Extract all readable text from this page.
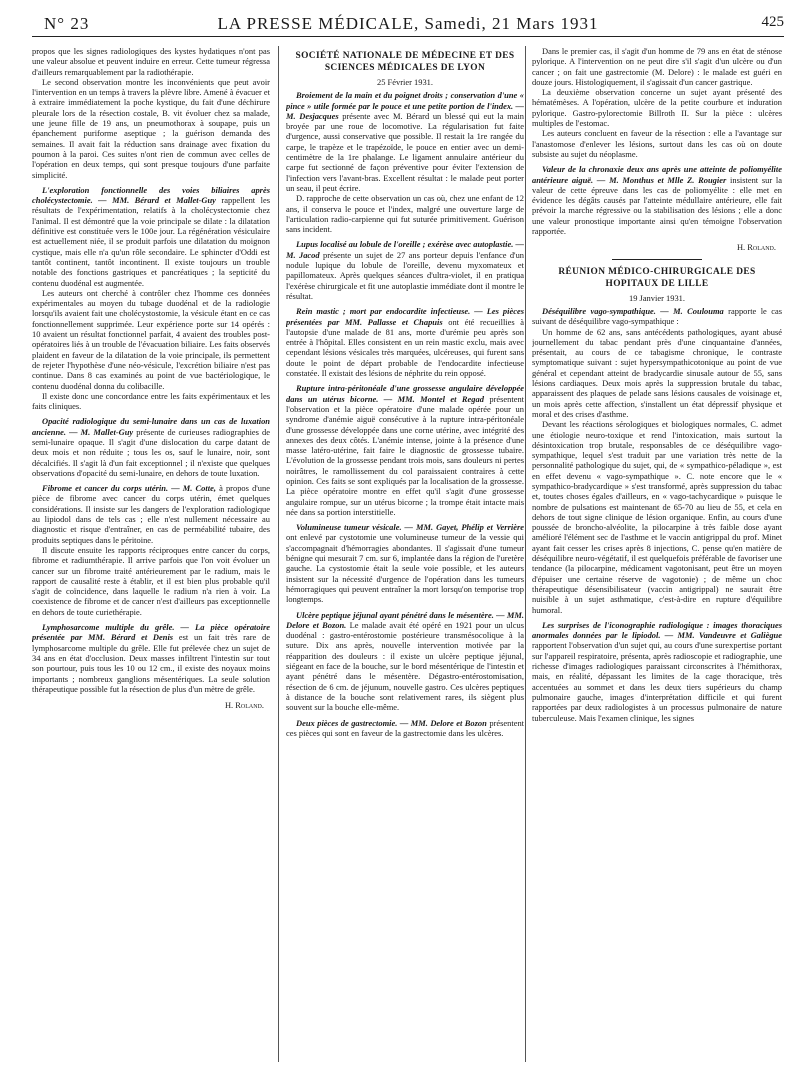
N° 23	LA PRESSE MÉDICALE, Samedi, 21 Mars 1931	425

propos que les signes radiologiques des kystes hydatiques n'ont pas une valeur absolue et peuvent induire en erreur. Cette tumeur régressa d'ailleurs remarquablement par la radiothérapie.

Le second observation montre les inconvénients que peut avoir l'intervention en un temps à travers la plèvre libre. Amené à évacuer et à extraire immédiatement la poche kystique, du fait d'une déchirure pleurale lors de la résection costale, B. vit évoluer chez sa malade, une jeune fille de 19 ans, un pneumothorax à soupape, puis un épanchement puriforme aseptique ; la guérison demanda des semaines. Il avait fait la réduction sans drainage avec fixation du poumon à la paroi. Ces suites n'ont rien de commun avec celles de l'opération en deux temps, qui sont presque toujours d'une parfaite simplicité.

L'exploration fonctionnelle des voies biliaires après cholécystectomie. — MM. Bérard et Mallet-Guy rappellent les résultats de l'expérimentation, relatifs à la cholécystectomie chez l'animal. Il est démontré que la voie principale se dilate : la dilatation définitive est constituée vers le 100e jour. La régénération vésiculaire est actuellement niée, il se produit parfois une dilatation du moignon cystique, mais elle n'a qu'un rôle secondaire. Le sphincter d'Oddi est tantôt continent, tantôt incontinent. Il existe toujours un trouble notable des fonctions gastriques et pancréatiques ; la septicité du contenu duodénal est augmentée.

Les auteurs ont cherché à contrôler chez l'homme ces données expérimentales au moyen du tubage duodénal et de la radiologie lorsqu'ils avaient fait une cholécystostomie, la vésicule étant en ce cas fonctionnellement supprimée. Leur expérience porte sur 14 opérés : 10 avaient un résultat fonctionnel parfait, 4 avaient des troubles post-opératoires liés à un trouble de l'évacuation biliaire. Les faits observés plaident en faveur de la dilatation de la voie principale, ils permettent de rejeter l'hypothèse d'une néo-vésicule, l'excrétion biliaire n'est pas continue. Dans 8 cas examinés au point de vue bactériologique, le contenu duodénal donna du colibacille.

Il existe donc une concordance entre les faits expérimentaux et les faits cliniques.

Opacité radiologique du semi-lunaire dans un cas de luxation ancienne. — M. Mallet-Guy présente de curieuses radiographies de semi-lunaire opaque. Il s'agit d'une dislocation du carpe datant de deux mois et non réduite ; tous les os, sauf le lunaire, noir, sont décalcifiés. Il s'agit là d'un fait exceptionnel ; il n'existe que quelques observations d'opacité du semi-lunaire, en dehors de toute luxation.

Fibrome et cancer du corps utérin. — M. Cotte, à propos d'une pièce de fibrome avec cancer du corps utérin, émet quelques considérations. Il insiste sur les dangers de l'exploration radiologique au lipiodol dans de tels cas ; elle n'est nullement nécessaire au diagnostic et risque d'entraîner, en cas de perméabilité tubaire, des produits septiques dans le péritoine.

Il discute ensuite les rapports réciproques entre cancer du corps, fibrome et radiumthérapie. Il arrive parfois que l'on voit évoluer un cancer sur un fibrome traité antérieurement par le radium, mais le rapport de causalité reste à établir, et il est bien plus probable qu'il s'agit de coïncidence, dans laquelle le radium n'a rien à voir. La coexistence de fibrome et de cancer n'est d'ailleurs pas exceptionnelle en dehors de toute curiethérapie.

Lymphosarcome multiple du grêle. — La pièce opératoire présentée par MM. Bérard et Denis est un fait très rare de lymphosarcome multiple du grêle. Elle fut prélevée chez un sujet de 34 ans en état d'occlusion. Deux masses infiltrent l'intestin sur tout son pourtour, puis tous les 10 ou 12 cm., il existe des noyaux moins importants ; nombreux ganglions mésentériques. La seule solution thérapeutique possible fut la résection de plus d'un mètre de grêle.

H. Roland.

SOCIÉTÉ NATIONALE DE MÉDECINE ET DES SCIENCES MÉDICALES DE LYON

25 Février 1931.

Broiement de la main et du poignet droits ; conservation d'une « pince » utile formée par le pouce et une petite portion de l'index. — M. Desjacques présente avec M. Bérard un blessé qui eut la main broyée par une roue de locomotive. La régularisation fut faite d'urgence, aussi conservative que possible. Il restait la 1re rangée du carpe, le trapèze et le trapézoïde, le pouce en entier avec un demi-centimètre de la 1re phalange. Le ligament annulaire antérieur du carpe fut sectionné de façon préventive pour éviter l'extension de l'infection vers l'avant-bras. Excellent résultat : le malade peut porter un seau, il peut écrire.

D. rapproche de cette observation un cas où, chez une enfant de 12 ans, il conserva le pouce et l'index, malgré une ouverture large de l'articulation radio-carpienne qui fut suturée primitivement. Guérison sans incident.

Lupus localisé au lobule de l'oreille ; exérèse avec autoplastie. — M. Jacod présente un sujet de 27 ans porteur depuis l'enfance d'un nodule lupique du lobule de l'oreille, devenu myxomateux et papillomateux. Après quelques séances d'ultra-violet, il en pratiqua l'exérèse chirurgicale et fit une autoplastie immédiate dont il montre le résultat.

Rein mastic ; mort par endocardite infectieuse. — Les pièces présentées par MM. Pallasse et Chapuis ont été recueillies à l'autopsie d'une malade de 81 ans, morte d'urémie peu après son entrée à l'hôpital. Elles consistent en un rein mastic exclu, mais avec cependant lésions vésicales très marquées, ulcéreuses, qui furent sans doute le point de départ probable de l'endocardite infectieuse constatée. Il existait des lésions de néphrite du rein opposé.

Rupture intra-péritonéale d'une grossesse angulaire développée dans un utérus bicorne. — MM. Montel et Regad présentent l'observation et la pièce opératoire d'une malade opérée pour un syndrome d'anémie aiguë consécutive à la rupture intra-péritonéale d'une grossesse développée dans une corne utérine, avec intégrité des annexes des deux côtés. L'anémie intense, jointe à la présence d'une masse latéro-utérine, fait faire le diagnostic de grossesse tubaire. L'évolution de la grossesse pendant trois mois, sans douleurs ni pertes noirâtres, le ramollissement du col paraissaient contraires à cette opinion. Ces faits se sont expliqués par la localisation de la grossesse. La pièce opératoire montre en effet qu'il s'agit d'une grossesse angulaire rompue, sur un utérus bicorne ; la trompe était intacte mais née dans sa portion interstitielle.

Volumineuse tumeur vésicale. — MM. Gayet, Phélip et Verrière ont enlevé par cystotomie une volumineuse tumeur de la vessie qui s'accompagnait d'hémorragies abondantes. Il s'agissait d'une tumeur bénigne qui mesurait 7 cm. sur 6, implantée dans la région de l'uretère gauche. La cystostomie était la seule voie possible, et les auteurs insistent sur la nécessité d'urgence de l'opération dans les tumeurs hémorragiques qui peuvent entraîner la mort lorsqu'on temporise trop longtemps.

Ulcère peptique jéjunal ayant pénétré dans le mésentère. — MM. Delore et Bozon. Le malade avait été opéré en 1921 pour un ulcus duodénal : gastro-entérostomie postérieure transmésocolique à la suture. Dix ans après, nouvelle intervention motivée par la réapparition des douleurs : il existe un ulcère peptique jéjunal, siégeant en face de la bouche, sur le bord mésentérique de l'intestin et ayant pénétré dans le mésentère. Dégastro-entérostomisation, résection de 6 cm. de jéjunum, nouvelle gastro. Ces ulcères peptiques à distance de la bouche sont relativement rares, ils siègent plus souvent sur la bouche elle-même.

Deux pièces de gastrectomie. — MM. Delore et Bozon présentent ces pièces qui sont en faveur de la gastrectomie dans les ulcères.

Dans le premier cas, il s'agit d'un homme de 79 ans en état de sténose pylorique. A l'intervention on ne peut dire s'il s'agit d'un ulcère ou d'un cancer ; on fait une gastrectomie (M. Delore) : le malade est guéri en douze jours. Histologiquement, il s'agissait d'un cancer gastrique.

La deuxième observation concerne un sujet ayant présenté des hématémèses. A l'opération, ulcère de la petite courbure et induration pylorique. Gastro-pylorectomie Billroth II. Sur la pièce : ulcères multiples de l'estomac.

Les auteurs concluent en faveur de la résection : elle a l'avantage sur l'anastomose d'enlever les lésions, surtout dans les cas où on doute subsiste au sujet du néoplasme.

Valeur de la chronaxie deux ans après une atteinte de poliomyélite antérieure aiguë. — M. Monthus et Mlle Z. Rougier insistent sur la valeur de cette épreuve dans les cas de poliomyélite : elle met en évidence les dégâts causés par l'atteinte médullaire antérieure, elle fait prévoir la marche régressive ou la stabilisation des lésions ; elle a donc une valeur pronostique importante ainsi qu'en témoigne l'observation rapportée.

H. Roland.

RÉUNION MÉDICO-CHIRURGICALE DES HOPITAUX DE LILLE

19 Janvier 1931.

Déséquilibre vago-sympathique. — M. Coulouma rapporte le cas suivant de déséquilibre vago-sympathique :

Un homme de 62 ans, sans antécédents pathologiques, ayant abusé journellement du tabac pendant près d'une cinquantaine d'années, présentait, au cours de ce tabagisme chronique, le contraste symptomatique suivant : sujet hypersympathicotonique au point de vue général et cependant atteint de bradycardie sinusale autour de 55, sans lésions cardiaques. Deux mois après la suppression brutale du tabac, apparaissent des plaques de pelade sans lésions causales de voisinage et, un mois après cette affection, s'installent un état dépressif physique et moral et des crises d'asthme.

Devant les réactions sérologiques et biologiques normales, C. admet une étiologie neuro-toxique et rend l'intoxication, mais surtout la désintoxication trop brutale, responsables de ce déséquilibre vago-sympathique, lequel s'est traduit par une variation très nette de la personnalité pathologique du sujet, qui, de « sympathico-péladique », est en effet devenu « vago-sympathique ». C. note encore que le « sympathico-bradycardique » s'est transformé, après suppression du tabac et, toutes choses égales d'ailleurs, en « vago-tachycardique » puisque le nombre de pulsations est maintenant de 65-70 au lieu de 55, et cela en dehors de tout signe clinique de lésion organique. Enfin, au cours d'une poussée de broncho-alvéolite, la pilocarpine à très faible dose ayant amélioré l'élément sec de l'asthme et le vaccin antigrippal du prof. Minet ayant fait cesser les crises après 8 injections, C. pense qu'en matière de déséquilibre neuro-végétatif, il est quelquefois préférable de favoriser une tendance (la pilocarpine, médicament vagotonisant, peut être un moyen d'épuiser une certaine réserve de vagotonie) ; de même un choc thérapeutique désensibilisateur (vaccin antigrippal) ne saurait être nuisible à un sujet asthmatique, c'est-à-dire en rupture d'équilibre humoral.

Les surprises de l'iconographie radiologique : images thoraciques anormales données par le lipiodol. — MM. Vandeuvre et Galiègue rapportent l'observation d'un sujet qui, au cours d'une surexpertise portant sur l'appareil respiratoire, présenta, après radioscopie et radiographie, une richesse d'images radiologiques paraissant circonscrites à l'hémithorax, mais, en réalité, dépassant les limites de la cage thoracique, très accentuées au sommet et dans les deux tiers supérieurs du champ pulmonaire gauche, images d'interprétation difficile et qui furent rapportées par deux radiologistes à un processus pulmonaire de nature tuberculeuse. Mais l'examen clinique, les signes
